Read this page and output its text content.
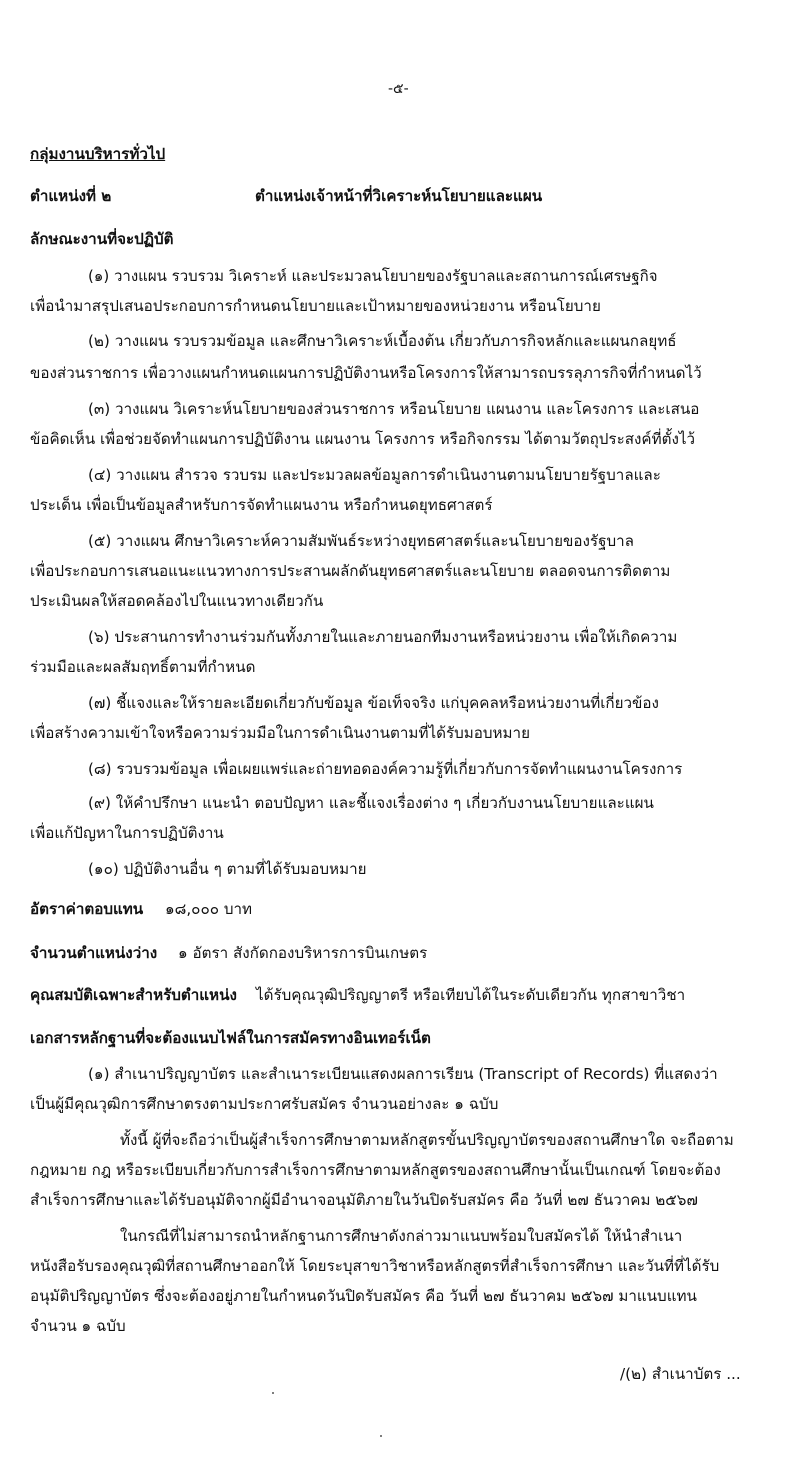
-๕-
กลุ่มงานบริหารทั่วไป
ตำแหน่งที่ ๒	ตำแหน่งเจ้าหน้าที่วิเคราะห์นโยบายและแผน
ลักษณะงานที่จะปฏิบัติ
(๑) วางแผน รวบรวม วิเคราะห์ และประมวลนโยบายของรัฐบาลและสถานการณ์เศรษฐกิจ
เพื่อนำมาสรุปเสนอประกอบการกำหนดนโยบายและเป้าหมายของหน่วยงาน หรือนโยบาย
(๒) วางแผน รวบรวมข้อมูล และศึกษาวิเคราะห์เบื้องต้น เกี่ยวกับภารกิจหลักและแผนกลยุทธ์
ของส่วนราชการ เพื่อวางแผนกำหนดแผนการปฏิบัติงานหรือโครงการให้สามารถบรรลุภารกิจที่กำหนดไว้
(๓) วางแผน วิเคราะห์นโยบายของส่วนราชการ หรือนโยบาย แผนงาน และโครงการ และเสนอ
ข้อคิดเห็น เพื่อช่วยจัดทำแผนการปฏิบัติงาน แผนงาน โครงการ หรือกิจกรรม ได้ตามวัตถุประสงค์ที่ตั้งไว้
(๔) วางแผน สำรวจ รวบรม และประมวลผลข้อมูลการดำเนินงานตามนโยบายรัฐบาลและ
ประเด็น เพื่อเป็นข้อมูลสำหรับการจัดทำแผนงาน หรือกำหนดยุทธศาสตร์
(๕) วางแผน ศึกษาวิเคราะห์ความสัมพันธ์ระหว่างยุทธศาสตร์และนโยบายของรัฐบาล
เพื่อประกอบการเสนอแนะแนวทางการประสานผลักดันยุทธศาสตร์และนโยบาย ตลอดจนการติดตาม
ประเมินผลให้สอดคล้องไปในแนวทางเดียวกัน
(๖) ประสานการทำงานร่วมกันทั้งภายในและภายนอกทีมงานหรือหน่วยงาน เพื่อให้เกิดความ
ร่วมมือและผลสัมฤทธิ์ตามที่กำหนด
(๗) ชี้แจงและให้รายละเอียดเกี่ยวกับข้อมูล ข้อเท็จจริง แก่บุคคลหรือหน่วยงานที่เกี่ยวข้อง
เพื่อสร้างความเข้าใจหรือความร่วมมือในการดำเนินงานตามที่ได้รับมอบหมาย
(๘) รวบรวมข้อมูล เพื่อเผยแพร่และถ่ายทอดองค์ความรู้ที่เกี่ยวกับการจัดทำแผนงานโครงการ
(๙) ให้คำปรึกษา แนะนำ ตอบปัญหา และชี้แจงเรื่องต่าง ๆ เกี่ยวกับงานนโยบายและแผน
เพื่อแก้ปัญหาในการปฏิบัติงาน
(๑๐) ปฏิบัติงานอื่น ๆ ตามที่ได้รับมอบหมาย
อัตราค่าตอบแทน ๑๘,๐๐๐ บาท
จำนวนตำแหน่งว่าง ๑ อัตรา สังกัดกองบริหารการบินเกษตร
คุณสมบัติเฉพาะสำหรับตำแหน่ง ได้รับคุณวุฒิปริญญาตรี หรือเทียบได้ในระดับเดียวกัน ทุกสาขาวิชา
เอกสารหลักฐานที่จะต้องแนบไฟล์ในการสมัครทางอินเทอร์เน็ต
(๑) สำเนาปริญญาบัตร และสำเนาระเบียนแสดงผลการเรียน (Transcript of Records) ที่แสดงว่า
เป็นผู้มีคุณวุฒิการศึกษาตรงตามประกาศรับสมัคร จำนวนอย่างละ ๑ ฉบับ
ทั้งนี้ ผู้ที่จะถือว่าเป็นผู้สำเร็จการศึกษาตามหลักสูตรขั้นปริญญาบัตรของสถานศึกษาใด จะถือตาม
กฎหมาย กฎ หรือระเบียบเกี่ยวกับการสำเร็จการศึกษาตามหลักสูตรของสถานศึกษานั้นเป็นเกณฑ์ โดยจะต้อง
สำเร็จการศึกษาและได้รับอนุมัติจากผู้มีอำนาจอนุมัติภายในวันปิดรับสมัคร คือ วันที่ ๒๗ ธันวาคม ๒๕๖๗
ในกรณีที่ไม่สามารถนำหลักฐานการศึกษาดังกล่าวมาแนบพร้อมใบสมัครได้ ให้นำสำเนา
หนังสือรับรองคุณวุฒิที่สถานศึกษาออกให้ โดยระบุสาขาวิชาหรือหลักสูตรที่สำเร็จการศึกษา และวันที่ที่ได้รับ
อนุมัติปริญญาบัตร ซึ่งจะต้องอยู่ภายในกำหนดวันปิดรับสมัคร คือ วันที่ ๒๗ ธันวาคม ๒๕๖๗ มาแนบแทน
จำนวน ๑ ฉบับ
/(๒) สำเนาบัตร ...
